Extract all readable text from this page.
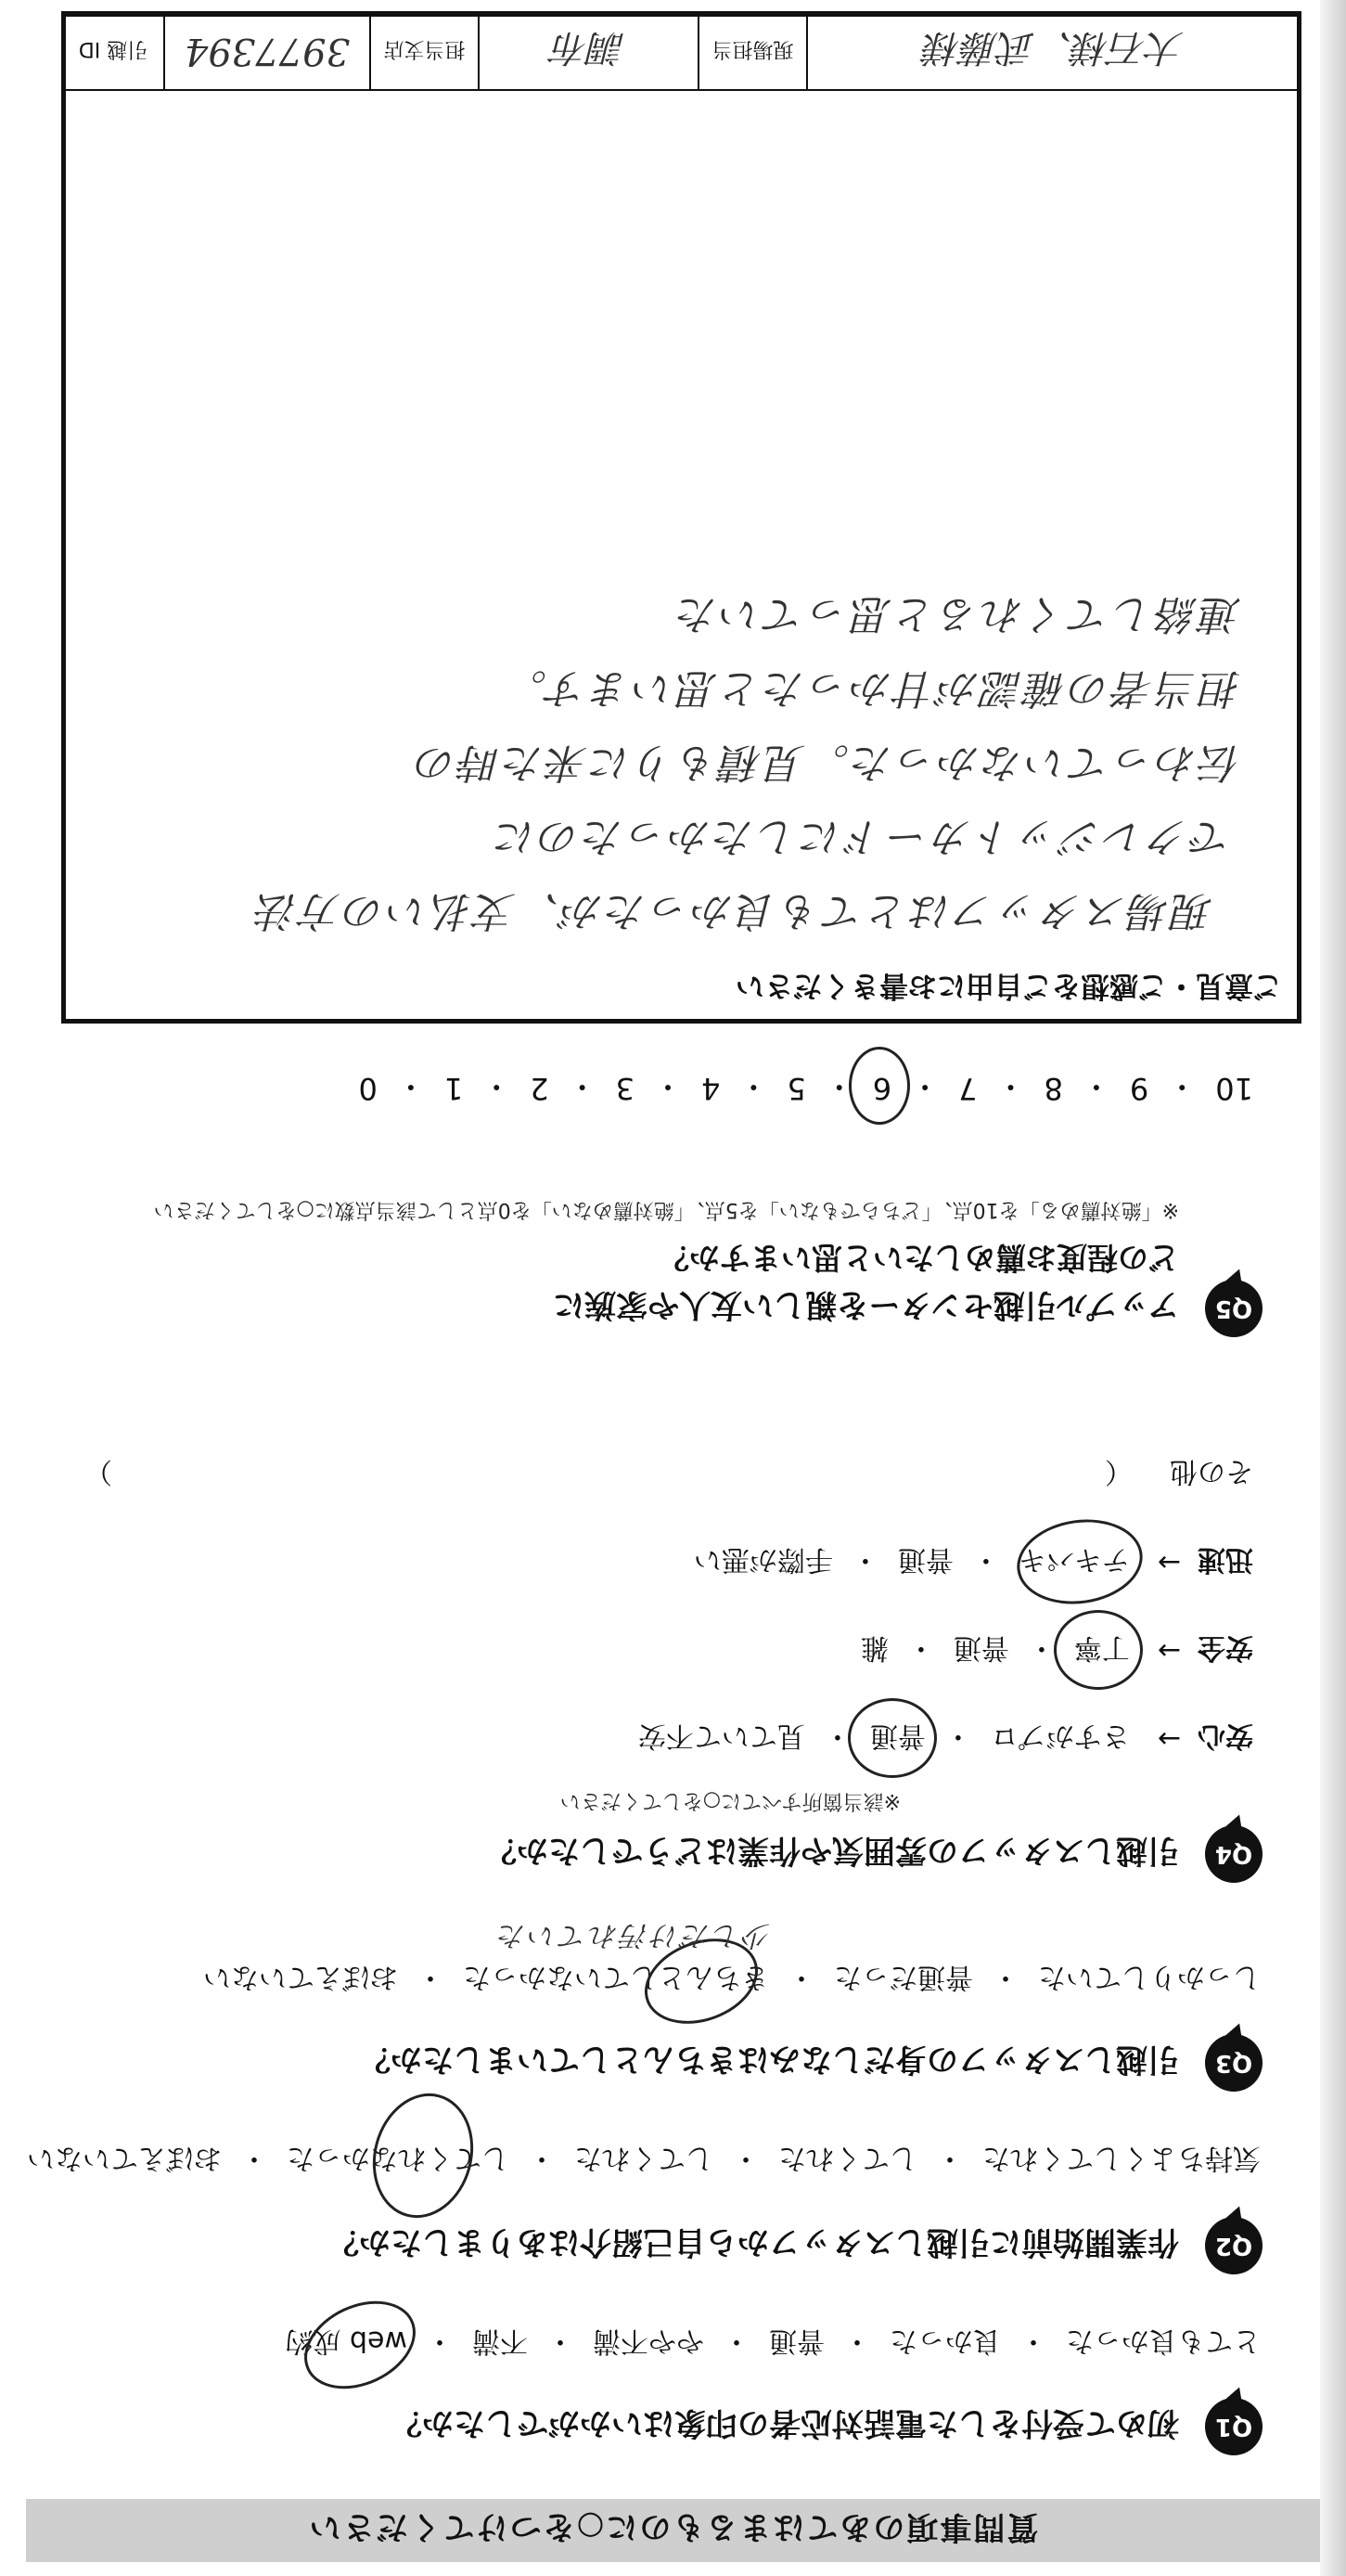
質問事項のあてはまるものに○をつけてください
Q1
初めて受付をした電話対応者の印象はいかがでしたか？
とても良かった
・
良かった
・
普通
・
やや不満
・
不満
・
web 成約
Q2
作業開始前に引越しスタッフから自己紹介はありましたか？
気持ちよくしてくれた
・
してくれた
・
してくれた
・
してくれなかった
・
おぼえていない
Q3
引越しスタッフの身だしなみはきちんとしていましたか？
しっかりしていた
・
普通だった
・
きちんとしていなかった
・
おぼえていない
少しだけ汚れていた
Q4
引越しスタッフの雰囲気や作業はどうでしたか？
※該当箇所すべてに○をしてください
安心
→
さすがプロ
・
普通
・
見ていて不安
安全
→
丁寧
・
普通
・
雑
迅速
→
テキパキ
・
普通
・
手際が悪い
その他
（
）
Q5
アップル引越センターを親しい友人や家族に
どの程度お薦めしたいと思いますか？
※「絶対薦める」を10点、「どちらでもない」を5点、「絶対薦めない」を0点として該当点数に○をしてください
10
・
9
・
8
・
7
・
6
・
5
・
4
・
3
・
2
・
1
・
0
ご意見・ご感想をご自由にお書きください
現場スタッフはとても良かったが、支払いの方法
でクレジットカードにしたかったのに
伝わっていなかった。見積もりに来た時の
担当者の確認が甘かったと思います。
連絡してくれると思っていた
大石様、武藤様
現場担当
調布
担当支店
3977394
引越 ID
